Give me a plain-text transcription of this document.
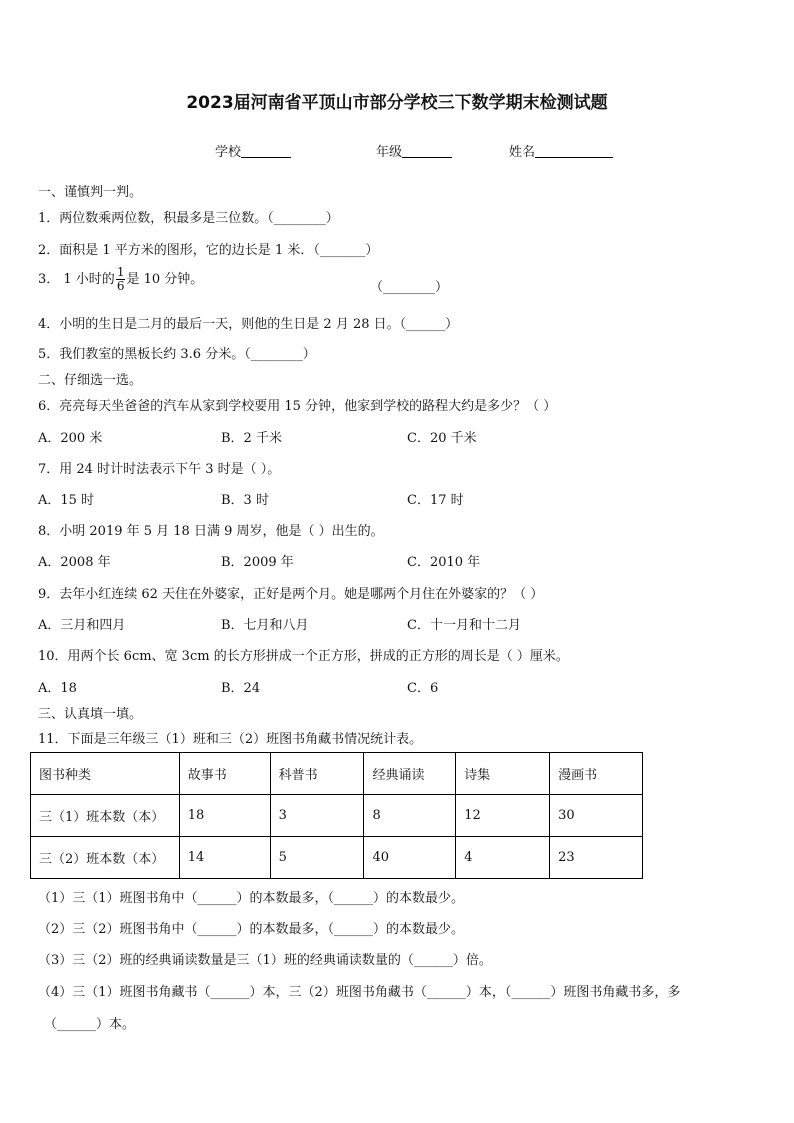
2023届河南省平顶山市部分学校三下数学期末检测试题
学校	年级	姓名
一、谨慎判一判。
1．两位数乘两位数，积最多是三位数。（________）
2．面积是 1 平方米的图形，它的边长是 1 米．（_______）
3． 1 小时的 $\frac{1}{6}$ 是 10 分钟。
（________）
4．小明的生日是二月的最后一天，则他的生日是 2 月 28 日。（______）
5．我们教室的黑板长约 3.6 分米。（________）
二、仔细选一选。
6．亮亮每天坐爸爸的汽车从家到学校要用 15 分钟，他家到学校的路程大约是多少？（ ）
A．200 米	B．2 千米	C．20 千米
7．用 24 时计时法表示下午 3 时是（ ）。
A．15 时	B．3 时	C．17 时
8．小明 2019 年 5 月 18 日满 9 周岁，他是（ ）出生的。
A．2008 年	B．2009 年	C．2010 年
9．去年小红连续 62 天住在外婆家，正好是两个月。她是哪两个月住在外婆家的？（ ）
A．三月和四月	B．七月和八月	C．十一月和十二月
10．用两个长 6cm、宽 3cm 的长方形拼成一个正方形，拼成的正方形的周长是（ ）厘米。
A．18	B．24	C．6
三、认真填一填。
11．下面是三年级三（1）班和三（2）班图书角藏书情况统计表。
图书种类	故事书	科普书	经典诵读	诗集	漫画书
三（1）班本数（本）	18	3	8	12	30
三（2）班本数（本）	14	5	40	4	23
（1）三（1）班图书角中（______）的本数最多，（______）的本数最少。
（2）三（2）班图书角中（______）的本数最多，（______）的本数最少。
（3）三（2）班的经典诵读数量是三（1）班的经典诵读数量的（______）倍。
（4）三（1）班图书角藏书（______）本，三（2）班图书角藏书（______）本，（______）班图书角藏书多，多
（______）本。
